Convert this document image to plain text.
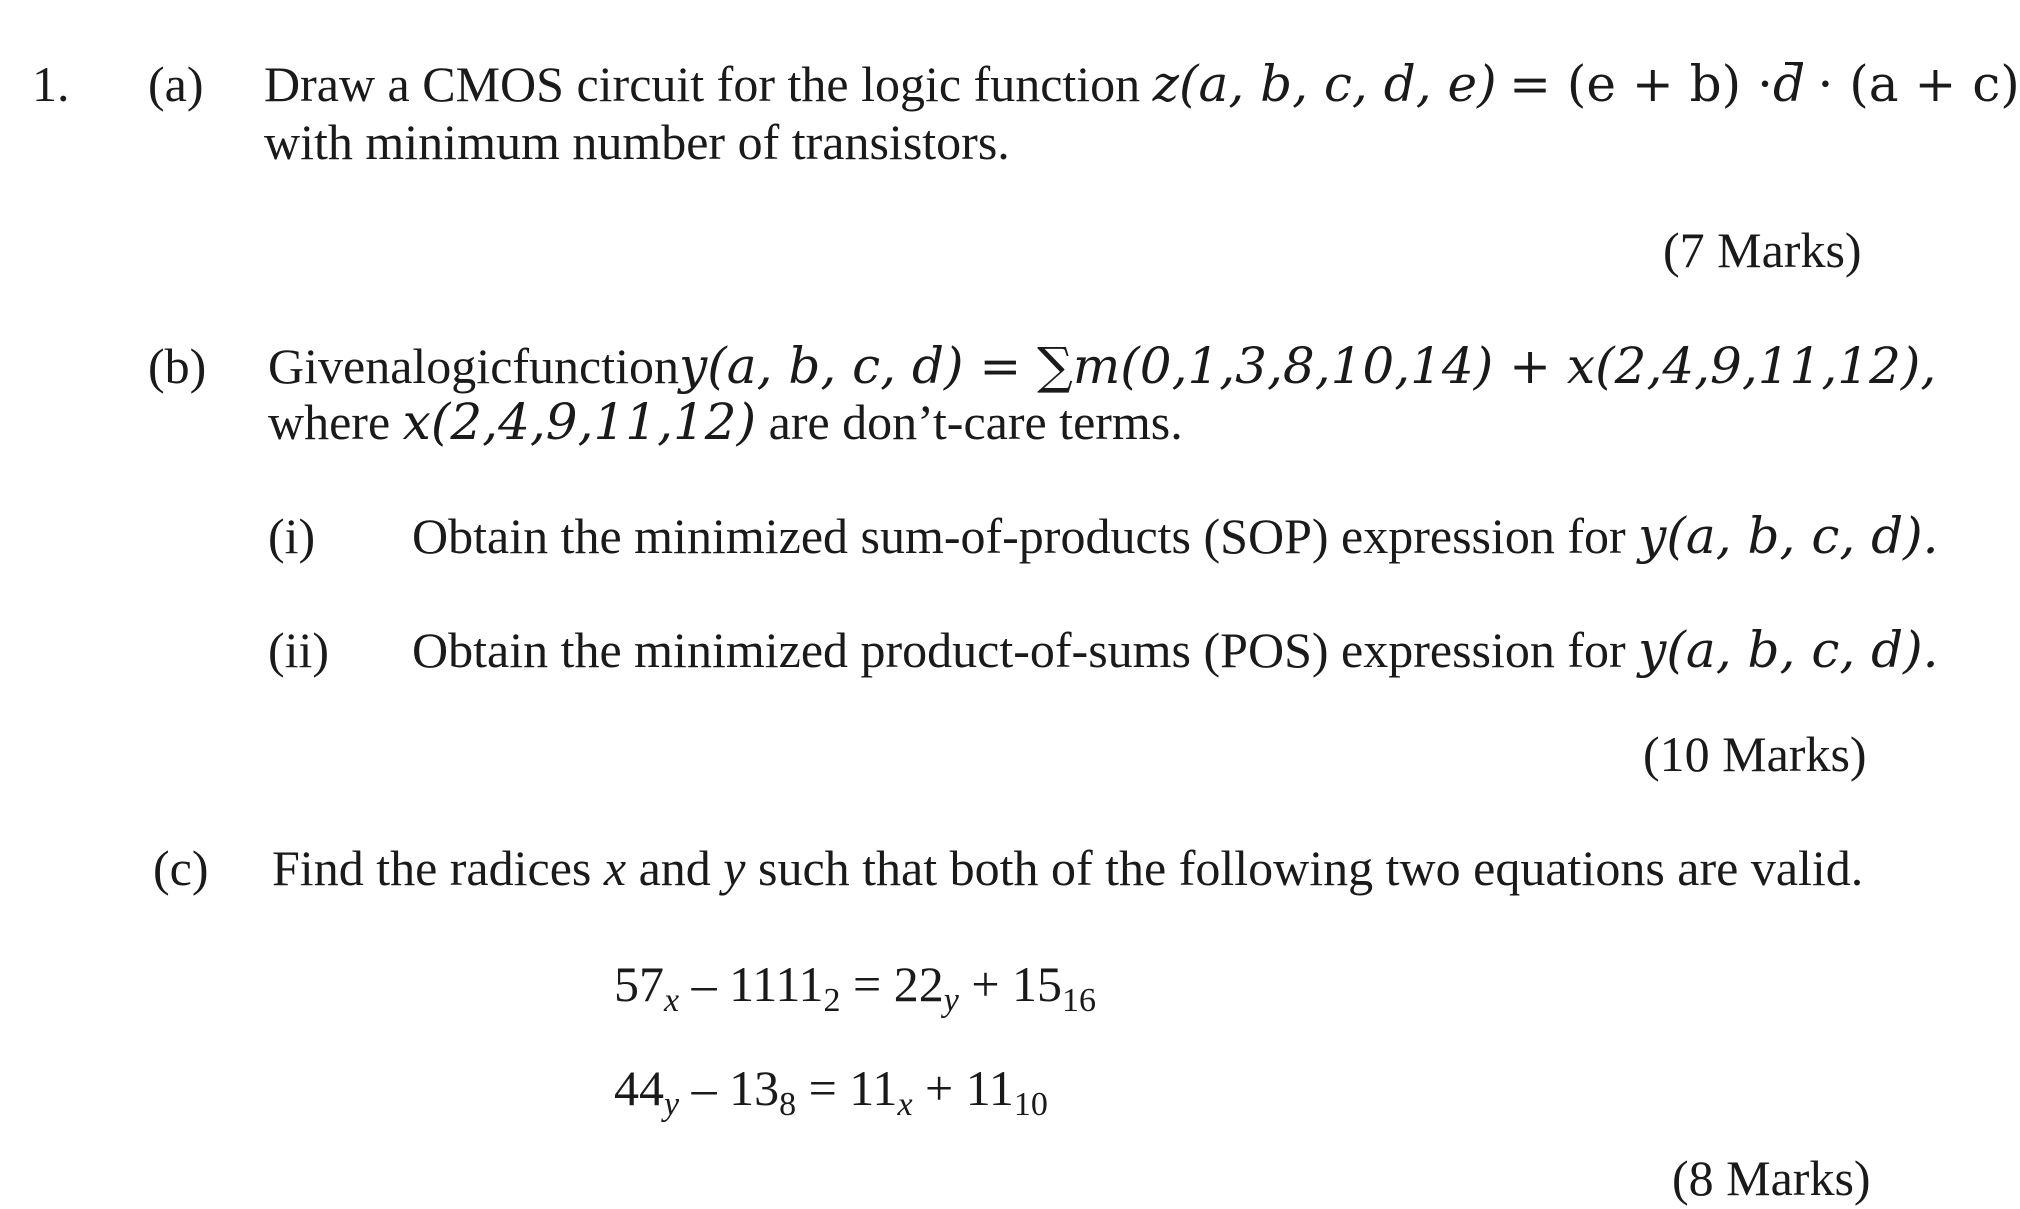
1. (a) Draw a CMOS circuit for the logic function z(a, b, c, d, e) = (e + b) ·d · (a + c)
with minimum number of transistors.
(7 Marks)
(b) Given a logic function y(a, b, c, d) = ∑m(0,1,3,8,10,14) + x(2,4,9,11,12),
where x(2,4,9,11,12) are don’t-care terms.
(i) Obtain the minimized sum-of-products (SOP) expression for y(a, b, c, d).
(ii) Obtain the minimized product-of-sums (POS) expression for y(a, b, c, d).
(10 Marks)
(c) Find the radices x and y such that both of the following two equations are valid.
$57_x - 1111_2 = 22_y + 15_{16}$
$44_y - 13_8 = 11_x + 11_{10}$
(8 Marks)
